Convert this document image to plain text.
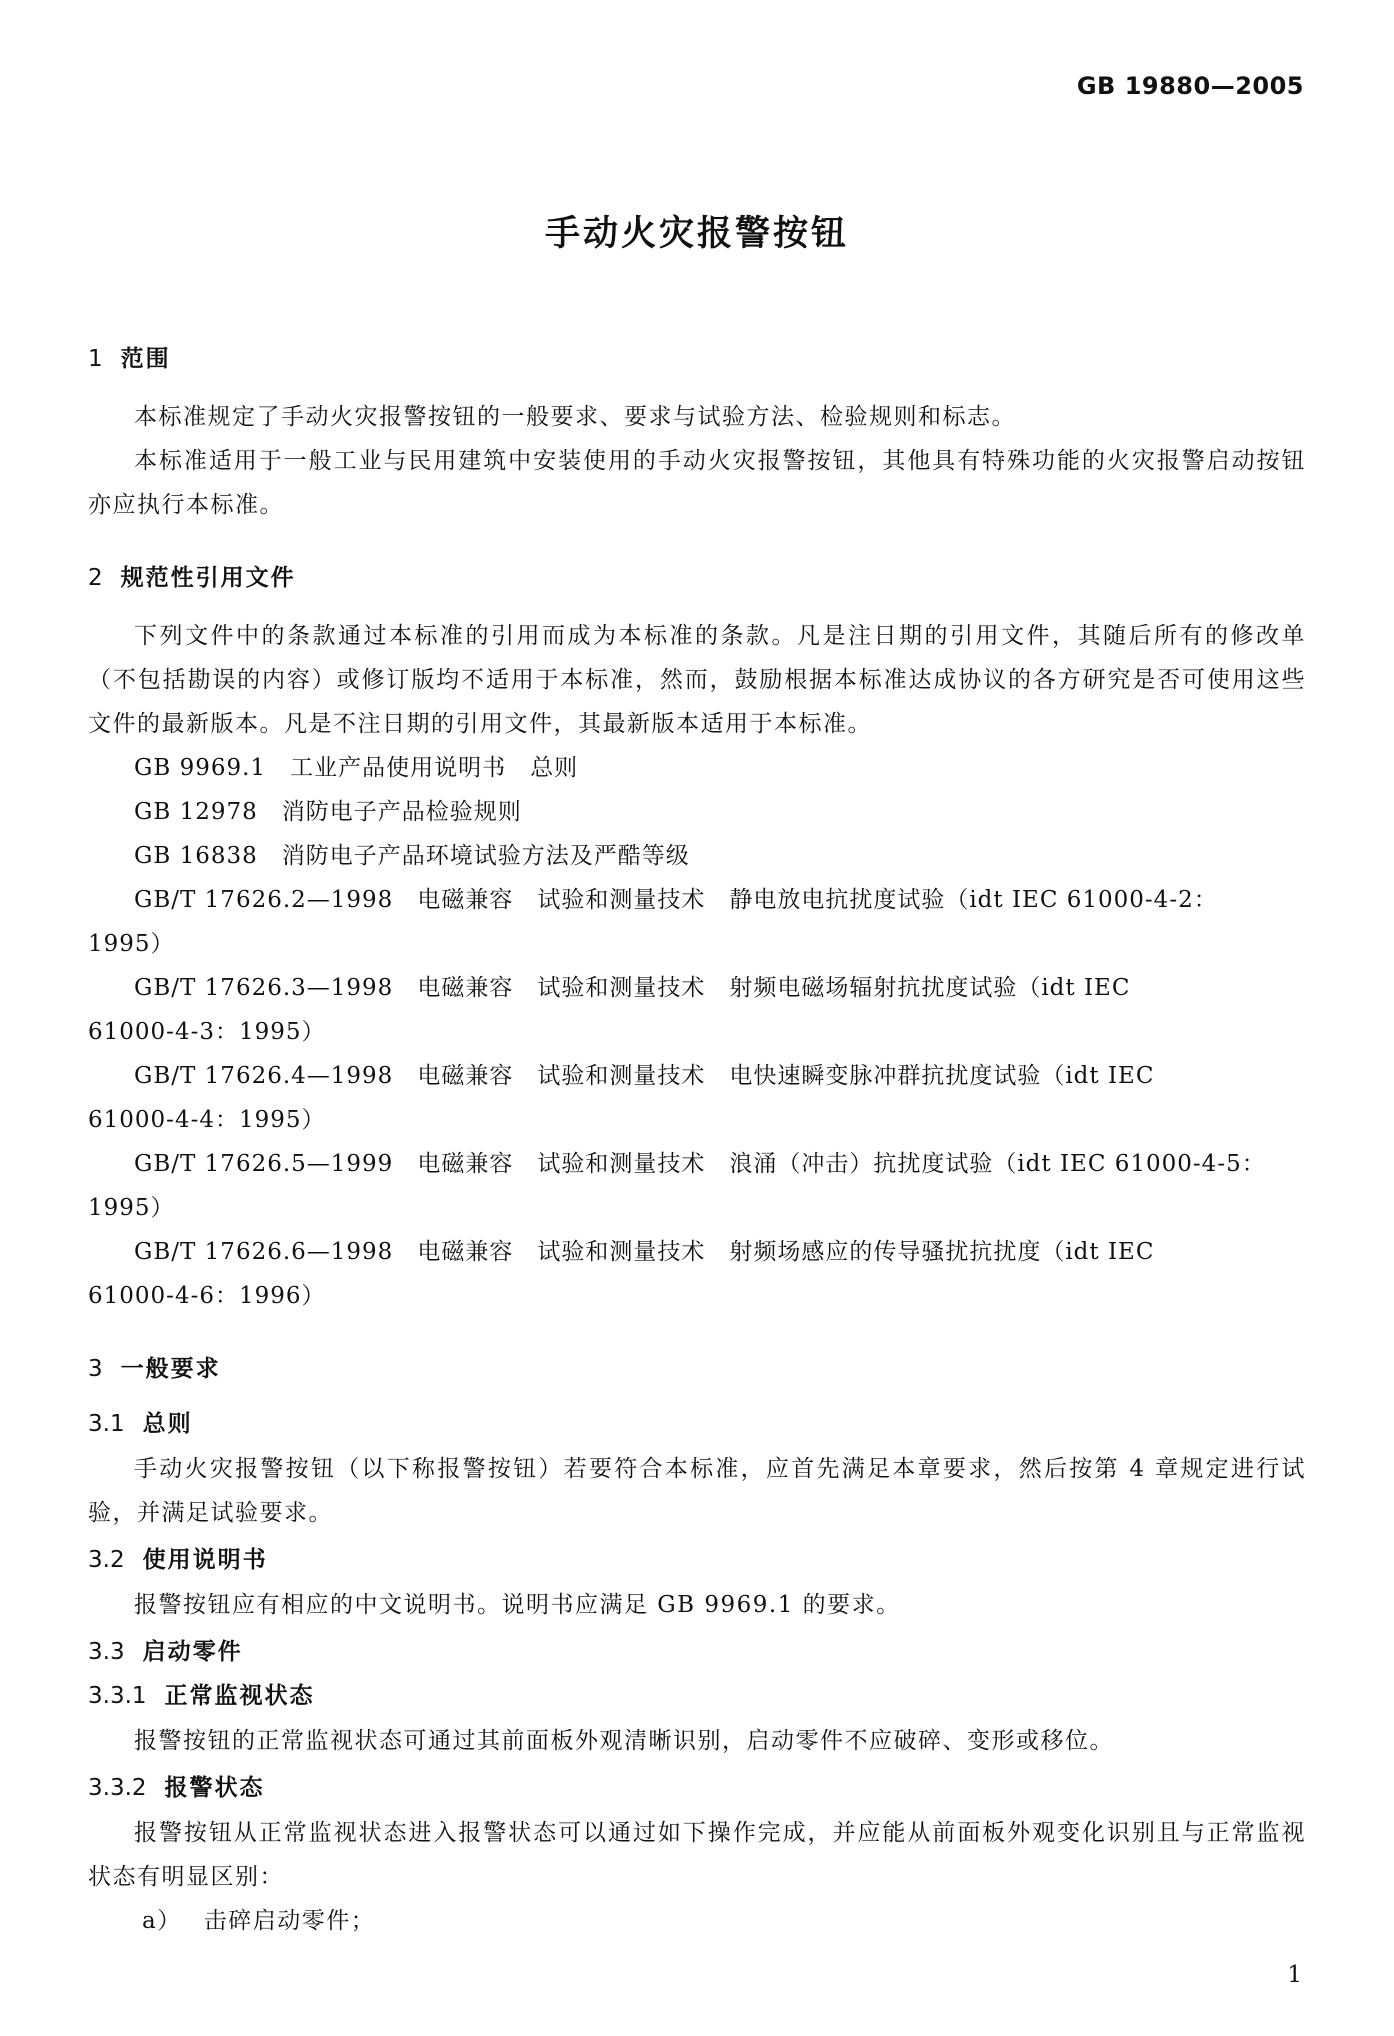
GB 19880—2005
手动火灾报警按钮
1 范围

本标准规定了手动火灾报警按钮的一般要求、要求与试验方法、检验规则和标志。

本标准适用于一般工业与民用建筑中安装使用的手动火灾报警按钮，其他具有特殊功能的火灾报警启动按钮亦应执行本标准。

2 规范性引用文件

下列文件中的条款通过本标准的引用而成为本标准的条款。凡是注日期的引用文件，其随后所有的修改单（不包括勘误的内容）或修订版均不适用于本标准，然而，鼓励根据本标准达成协议的各方研究是否可使用这些文件的最新版本。凡是不注日期的引用文件，其最新版本适用于本标准。

GB 9969.1 工业产品使用说明书　总则

GB 12978 消防电子产品检验规则

GB 16838 消防电子产品环境试验方法及严酷等级

GB/T 17626.2—1998 电磁兼容　试验和测量技术　静电放电抗扰度试验（idt IEC 61000-4-2：
1995）

GB/T 17626.3—1998 电磁兼容　试验和测量技术　射频电磁场辐射抗扰度试验（idt IEC
61000-4-3：1995）

GB/T 17626.4—1998 电磁兼容　试验和测量技术　电快速瞬变脉冲群抗扰度试验（idt IEC
61000-4-4：1995）

GB/T 17626.5—1999 电磁兼容　试验和测量技术　浪涌（冲击）抗扰度试验（idt IEC 61000-4-5：
1995）

GB/T 17626.6—1998 电磁兼容　试验和测量技术　射频场感应的传导骚扰抗扰度（idt IEC
61000-4-6：1996）

3 一般要求
3.1 总则

手动火灾报警按钮（以下称报警按钮）若要符合本标准，应首先满足本章要求，然后按第 4 章规定进行试验，并满足试验要求。

3.2 使用说明书

报警按钮应有相应的中文说明书。说明书应满足 GB 9969.1 的要求。

3.3 启动零件
3.3.1 正常监视状态

报警按钮的正常监视状态可通过其前面板外观清晰识别，启动零件不应破碎、变形或移位。

3.3.2 报警状态

报警按钮从正常监视状态进入报警状态可以通过如下操作完成，并应能从前面板外观变化识别且与正常监视状态有明显区别：

a） 击碎启动零件；

1
